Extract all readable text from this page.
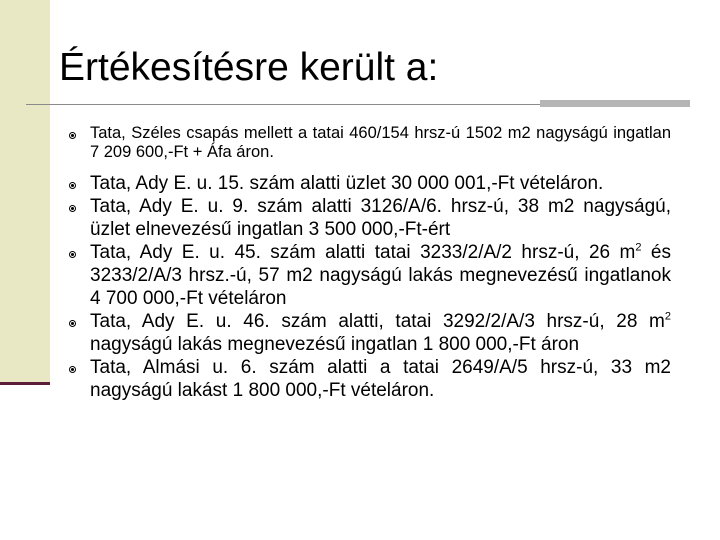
Értékesítésre került a:
Tata, Széles csapás mellett a tatai 460/154 hrsz-ú 1502 m2 nagyságú ingatlan 7 209 600,-Ft + Áfa áron.
Tata, Ady E. u. 15. szám alatti üzlet 30 000 001,-Ft vételáron.
Tata, Ady E. u. 9. szám alatti 3126/A/6. hrsz-ú, 38 m2 nagyságú, üzlet elnevezésű ingatlan 3 500 000,-Ft-ért
Tata, Ady E. u. 45. szám alatti tatai 3233/2/A/2 hrsz-ú, 26 $m^2$ és 3233/2/A/3 hrsz.-ú, 57 m2 nagyságú lakás megnevezésű ingatlanok 4 700 000,-Ft vételáron
Tata, Ady E. u. 46. szám alatti, tatai 3292/2/A/3 hrsz-ú, 28 $m^2$ nagyságú lakás megnevezésű ingatlan 1 800 000,-Ft áron
Tata, Almási u. 6. szám alatti a tatai 2649/A/5 hrsz-ú, 33 m2 nagyságú lakást 1 800 000,-Ft vételáron.
